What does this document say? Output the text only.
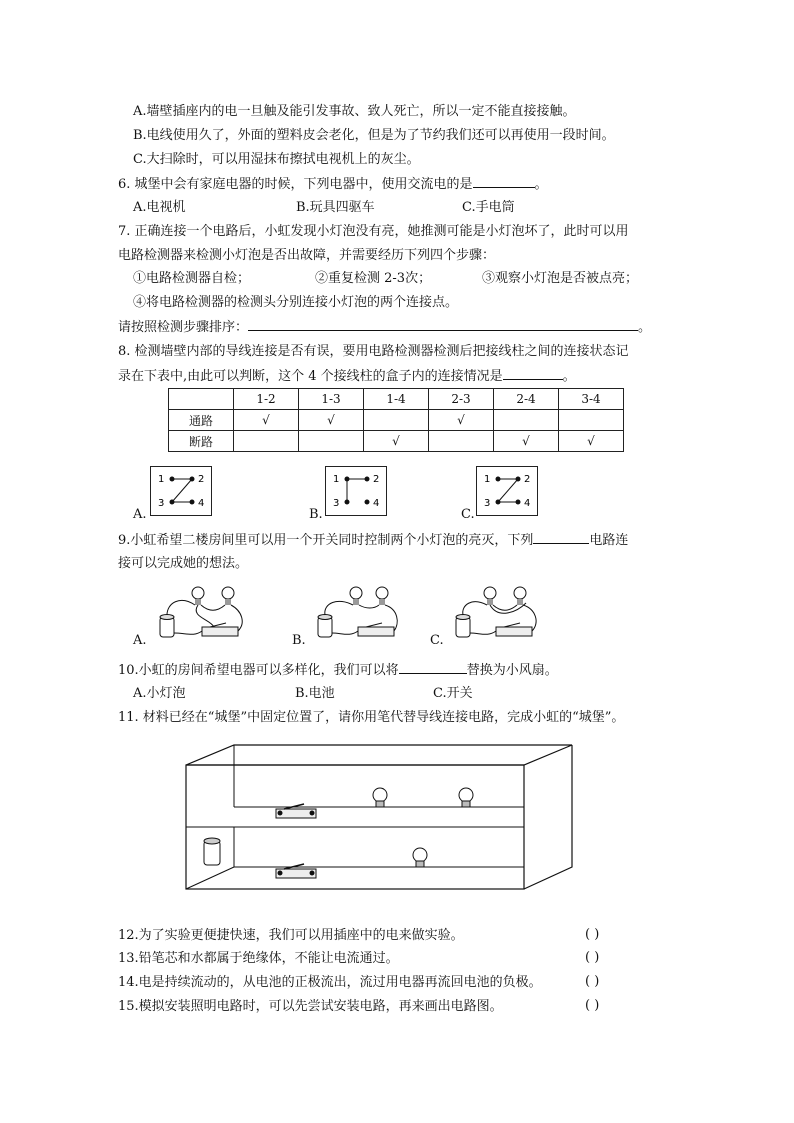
A.墙壁插座内的电一旦触及能引发事故、致人死亡，所以一定不能直接接触。
B.电线使用久了，外面的塑料皮会老化，但是为了节约我们还可以再使用一段时间。
C.大扫除时，可以用湿抹布擦拭电视机上的灰尘。
6. 城堡中会有家庭电器的时候，下列电器中，使用交流电的是	。
A.电视机	B.玩具四驱车	C.手电筒
7. 正确连接一个电路后，小虹发现小灯泡没有亮，她推测可能是小灯泡坏了，此时可以用
电路检测器来检测小灯泡是否出故障，并需要经历下列四个步骤：
①电路检测器自检；	②重复检测 2-3次；	③观察小灯泡是否被点亮；
④将电路检测器的检测头分别连接小灯泡的两个连接点。
请按照检测步骤排序：	。
8. 检测墙壁内部的导线连接是否有误，要用电路检测器检测后把接线柱之间的连接状态记
录在下表中,由此可以判断，这个 4 个接线柱的盒子内的连接情况是	。
	1-2	1-3	1-4	2-3	2-4	3-4
通路	√	√		√		
断路			√		√	√
A.
1	2
3	4
B.
1	2
3	4
C.
1	2
3	4
9.小虹希望二楼房间里可以用一个开关同时控制两个小灯泡的亮灭，下列	电路连
接可以完成她的想法。
A.	B.	C.
10.小虹的房间希望电器可以多样化，我们可以将	替换为小风扇。
A.小灯泡	B.电池	C.开关
11. 材料已经在“城堡”中固定位置了，请你用笔代替导线连接电路，完成小虹的“城堡”。
12.为了实验更便捷快速，我们可以用插座中的电来做实验。	( )
13.铅笔芯和水都属于绝缘体，不能让电流通过。	( )
14.电是持续流动的，从电池的正极流出，流过用电器再流回电池的负极。	( )
15.模拟安装照明电路时，可以先尝试安装电路，再来画出电路图。	( )
